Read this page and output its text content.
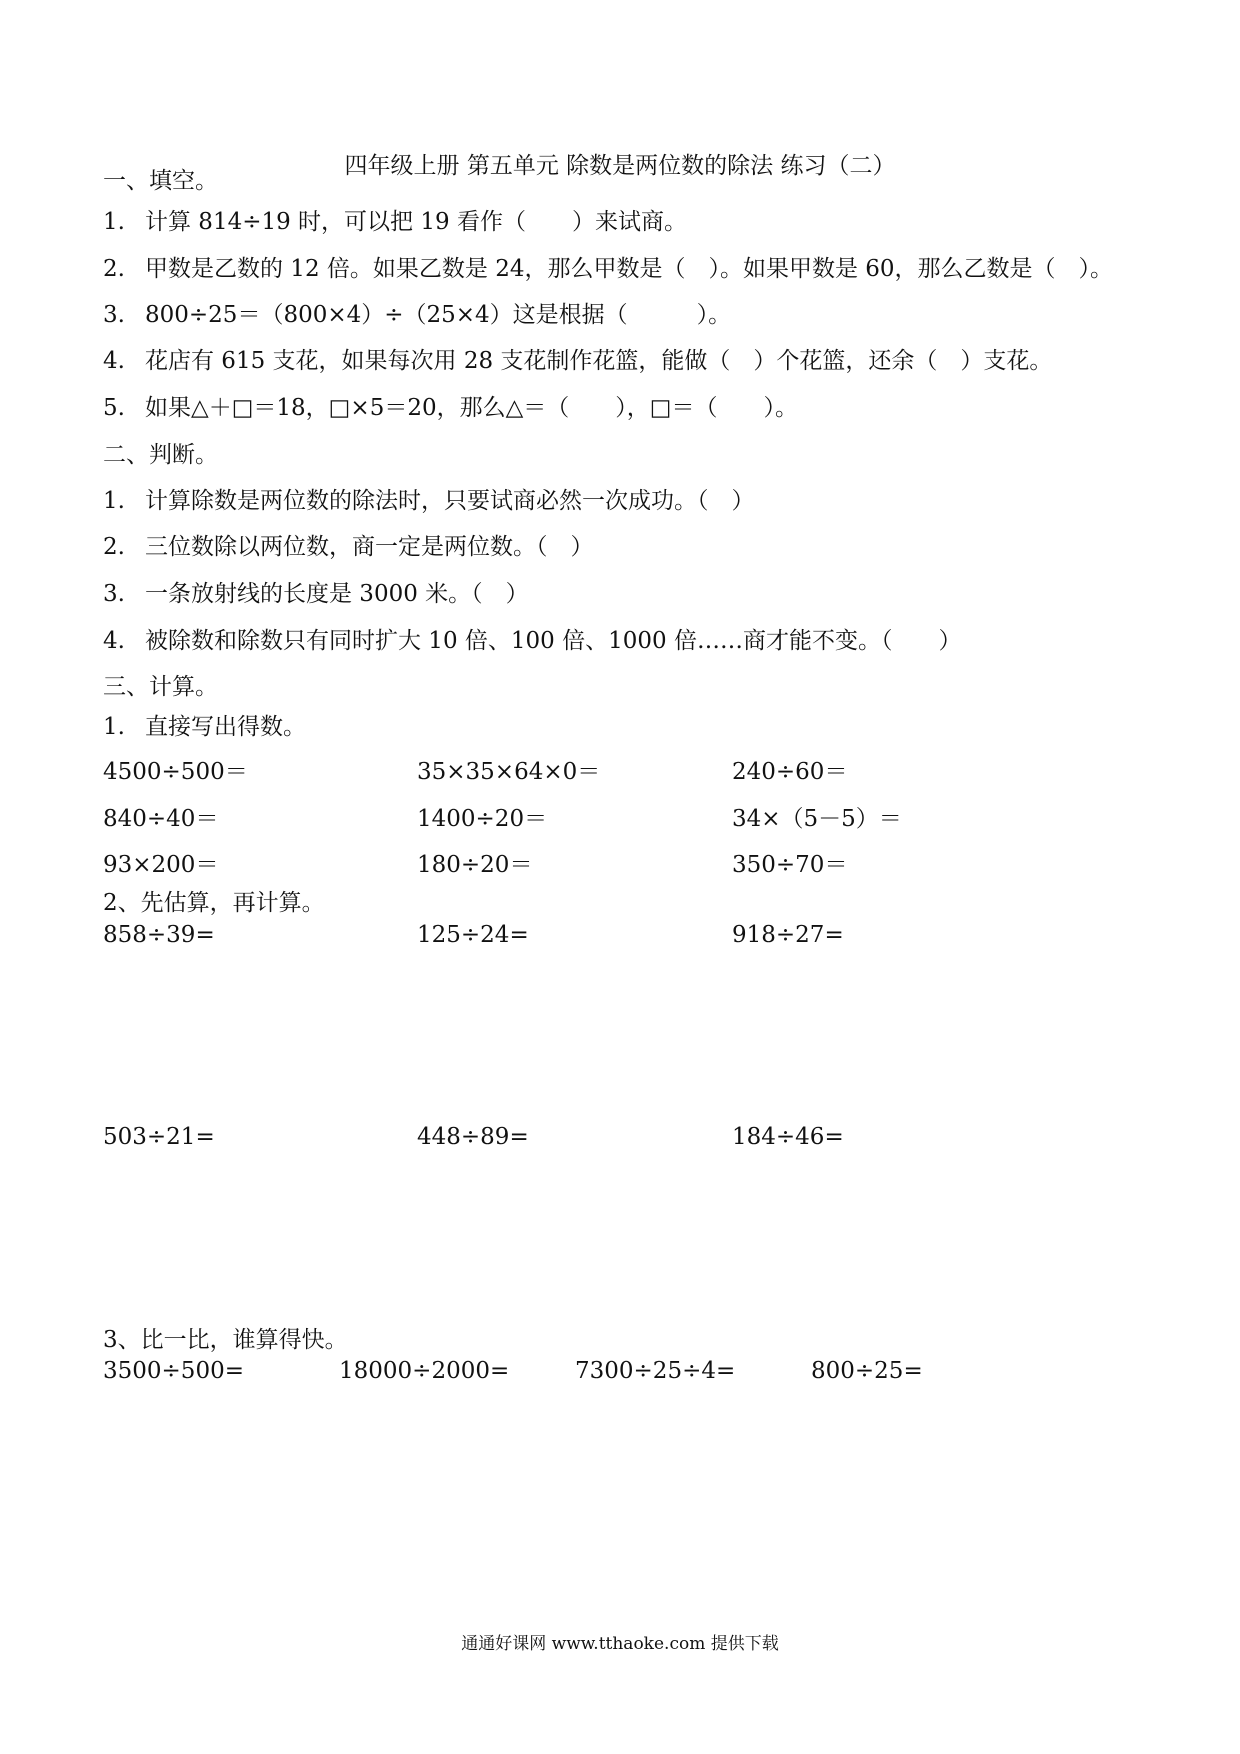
四年级上册 第五单元 除数是两位数的除法 练习（二）
一、填空。
1. 计算 814÷19 时，可以把 19 看作（　　）来试商。
2. 甲数是乙数的 12 倍。如果乙数是 24，那么甲数是（　）。如果甲数是 60，那么乙数是（　）。
3. 800÷25＝（800×4）÷（25×4）这是根据（　　　）。
4. 花店有 615 支花，如果每次用 28 支花制作花篮，能做（　）个花篮，还余（　）支花。
5. 如果△＋□＝18，□×5＝20，那么△＝（　　），□＝（　　）。
二、判断。
1. 计算除数是两位数的除法时，只要试商必然一次成功。（　）
2. 三位数除以两位数，商一定是两位数。（　）
3. 一条放射线的长度是 3000 米。（　）
4. 被除数和除数只有同时扩大 10 倍、100 倍、1000 倍……商才能不变。（　　）
三、计算。
1. 直接写出得数。
4500÷500＝	35×35×64×0＝	240÷60＝
840÷40＝	1400÷20＝	34×（5－5）＝
93×200＝	180÷20＝	350÷70＝
2、先估算，再计算。
858÷39=	125÷24=	918÷27=
503÷21=	448÷89=	184÷46=
3、比一比，谁算得快。
3500÷500=	18000÷2000=	7300÷25÷4=	800÷25=
通通好课网 www.tthaoke.com 提供下载
